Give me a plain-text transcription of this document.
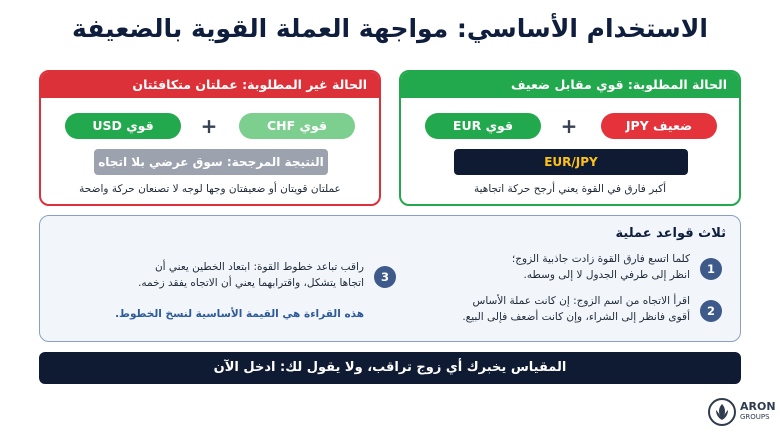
الاستخدام الأساسي: مواجهة العملة القوية بالضعيفة
الحالة المطلوبة: قوي مقابل ضعيف
ضعيف JPY
+
قوي EUR
EUR/JPY
أكبر فارق في القوة يعني أرجح حركة اتجاهية
الحالة غير المطلوبة: عملتان متكافئتان
قوي CHF
+
قوي USD
النتيجة المرجحة: سوق عرضي بلا اتجاه
عملتان قويتان أو ضعيفتان وجها لوجه لا تصنعان حركة واضحة
ثلاث قواعد عملية
1
كلما اتسع فارق القوة زادت جاذبية الزوج؛
انظر إلى طرفي الجدول لا إلى وسطه.
2
اقرأ الاتجاه من اسم الزوج: إن كانت عملة الأساس
أقوى فانظر إلى الشراء، وإن كانت أضعف فإلى البيع.
3
راقب تباعد خطوط القوة: ابتعاد الخطين يعني أن
اتجاها يتشكل، واقترابهما يعني أن الاتجاه يفقد زخمه.
هذه القراءة هي القيمة الأساسية لنسخ الخطوط.
المقياس يخبرك أي زوج تراقب، ولا يقول لك: ادخل الآن
ARON
GROUPS
